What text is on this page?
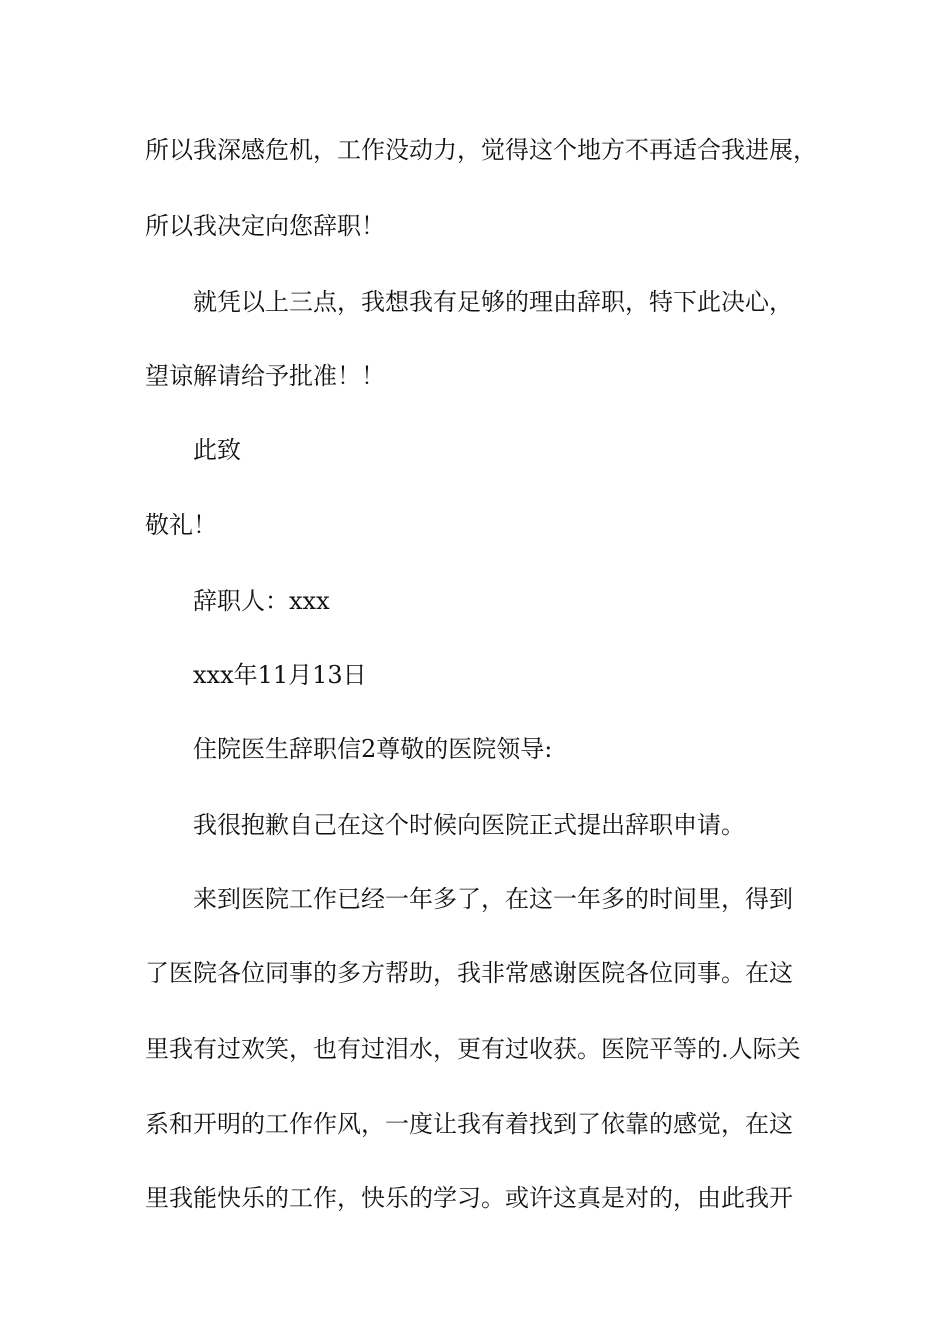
所以我深感危机，工作没动力，觉得这个地方不再适合我进展，

所以我决定向您辞职！

就凭以上三点，我想我有足够的理由辞职，特下此决心，

望谅解请给予批准！！

此致

敬礼！

辞职人：xxx

xxx年11月13日

住院医生辞职信2尊敬的医院领导:

我很抱歉自己在这个时候向医院正式提出辞职申请。

来到医院工作已经一年多了，在这一年多的时间里，得到

了医院各位同事的多方帮助，我非常感谢医院各位同事。在这

里我有过欢笑，也有过泪水，更有过收获。医院平等的.人际关

系和开明的工作作风，一度让我有着找到了依靠的感觉，在这

里我能快乐的工作，快乐的学习。或许这真是对的，由此我开
